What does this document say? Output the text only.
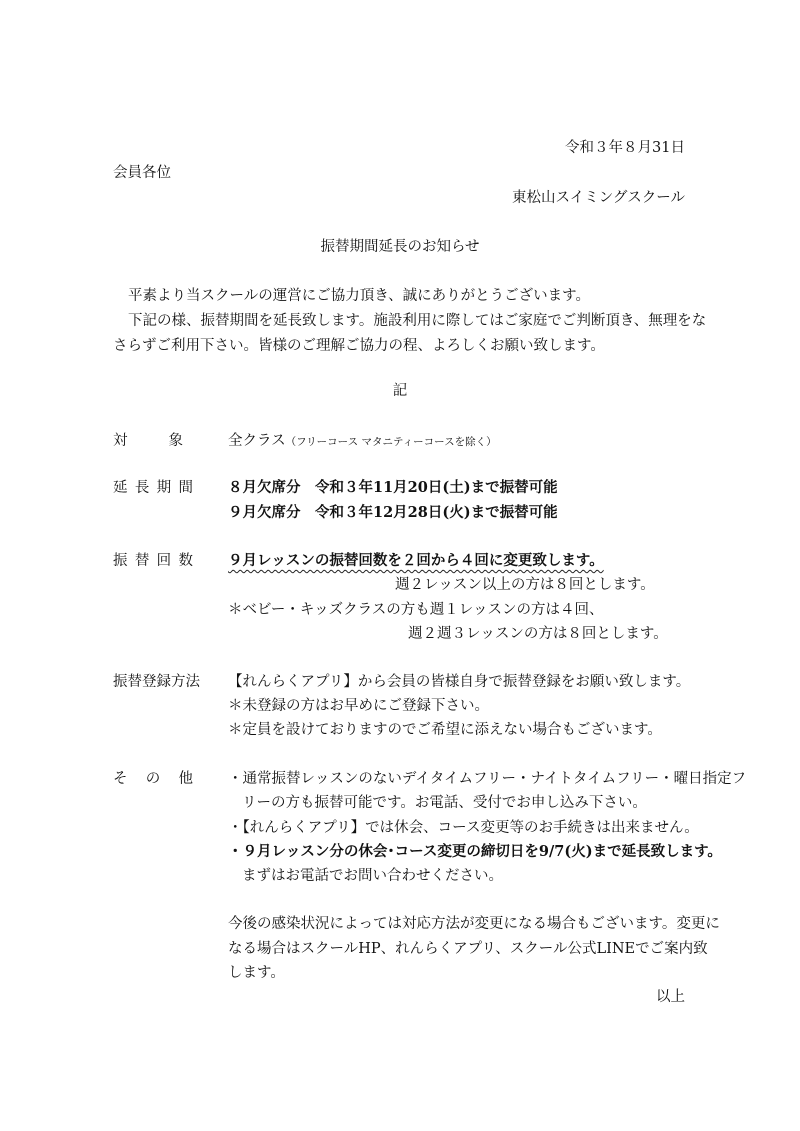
令和３年８月31日
会員各位
東松山スイミングスクール
振替期間延長のお知らせ
平素より当スクールの運営にご協力頂き、誠にありがとうございます。
下記の様、振替期間を延長致します。施設利用に際してはご家庭でご判断頂き、無理をな
さらずご利用下さい。皆様のご理解ご協力の程、よろしくお願い致します。
記
対	象	全クラス（フリーコース マタニティーコースを除く）
延 長 期 間 ８月欠席分　令和３年11月20日(土)まで振替可能
９月欠席分　令和３年12月28日(火)まで振替可能
振 替 回 数 ９月レッスンの振替回数を２回から４回に変更致します。
週２レッスン以上の方は８回とします。
＊ベビー・キッズクラスの方も週１レッスンの方は４回、
週２週３レッスンの方は８回とします。
振替登録方法 【れんらくアプリ】から会員の皆様自身で振替登録をお願い致します。
＊未登録の方はお早めにご登録下さい。
＊定員を設けておりますのでご希望に添えない場合もございます。
そ の 他 ・通常振替レッスンのないデイタイムフリー・ナイトタイムフリー・曜日指定フ
リーの方も振替可能です。お電話、受付でお申し込み下さい。
・【れんらくアプリ】では休会、コース変更等のお手続きは出来ません。
・９月レッスン分の休会･コース変更の締切日を9/7(火)まで延長致します。
まずはお電話でお問い合わせください。
今後の感染状況によっては対応方法が変更になる場合もございます。変更に
なる場合はスクールHP、れんらくアプリ、スクール公式LINEでご案内致
します。
以上
